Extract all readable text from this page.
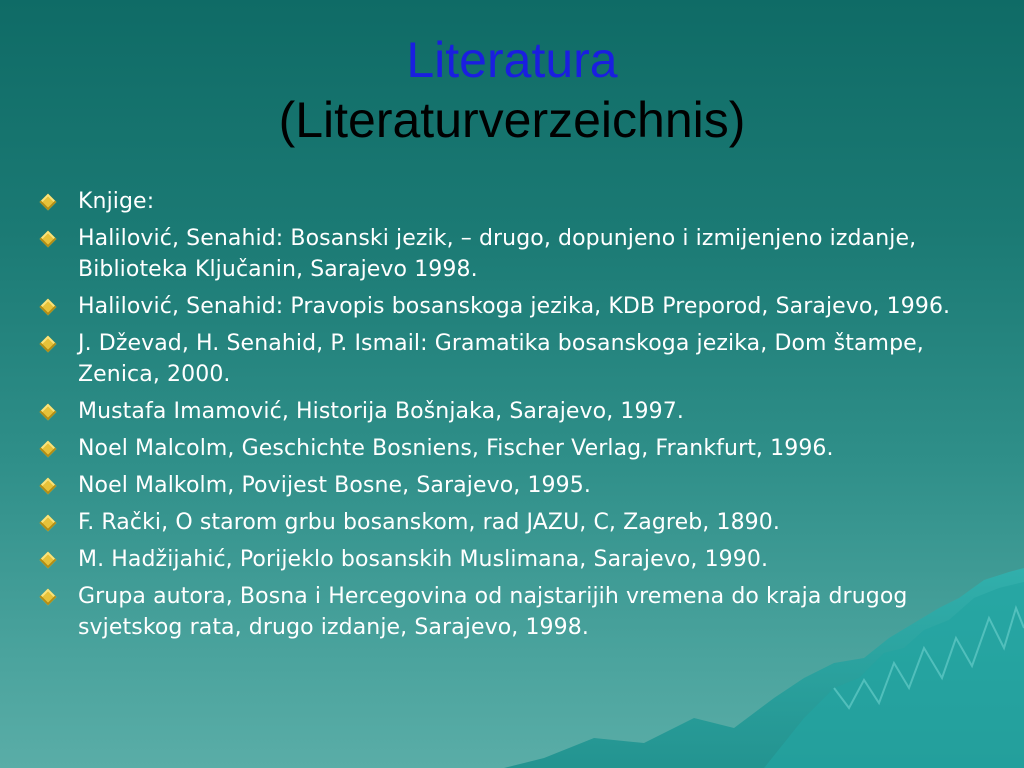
Literatura
(Literaturverzeichnis)
Knjige:
Halilović, Senahid: Bosanski jezik, – drugo, dopunjeno i izmijenjeno izdanje, Biblioteka Ključanin, Sarajevo 1998.
Halilović, Senahid: Pravopis bosanskoga jezika, KDB Preporod, Sarajevo, 1996.
J. Dževad, H. Senahid, P. Ismail: Gramatika bosanskoga jezika, Dom štampe, Zenica, 2000.
Mustafa Imamović, Historija Bošnjaka, Sarajevo, 1997.
Noel Malcolm, Geschichte Bosniens, Fischer Verlag, Frankfurt, 1996.
Noel Malkolm, Povijest Bosne, Sarajevo, 1995.
F. Rački, O starom grbu bosanskom, rad JAZU, C, Zagreb, 1890.
M. Hadžijahić, Porijeklo bosanskih Muslimana, Sarajevo, 1990.
Grupa autora, Bosna i Hercegovina od najstarijih vremena do kraja drugog svjetskog rata, drugo izdanje, Sarajevo, 1998.
